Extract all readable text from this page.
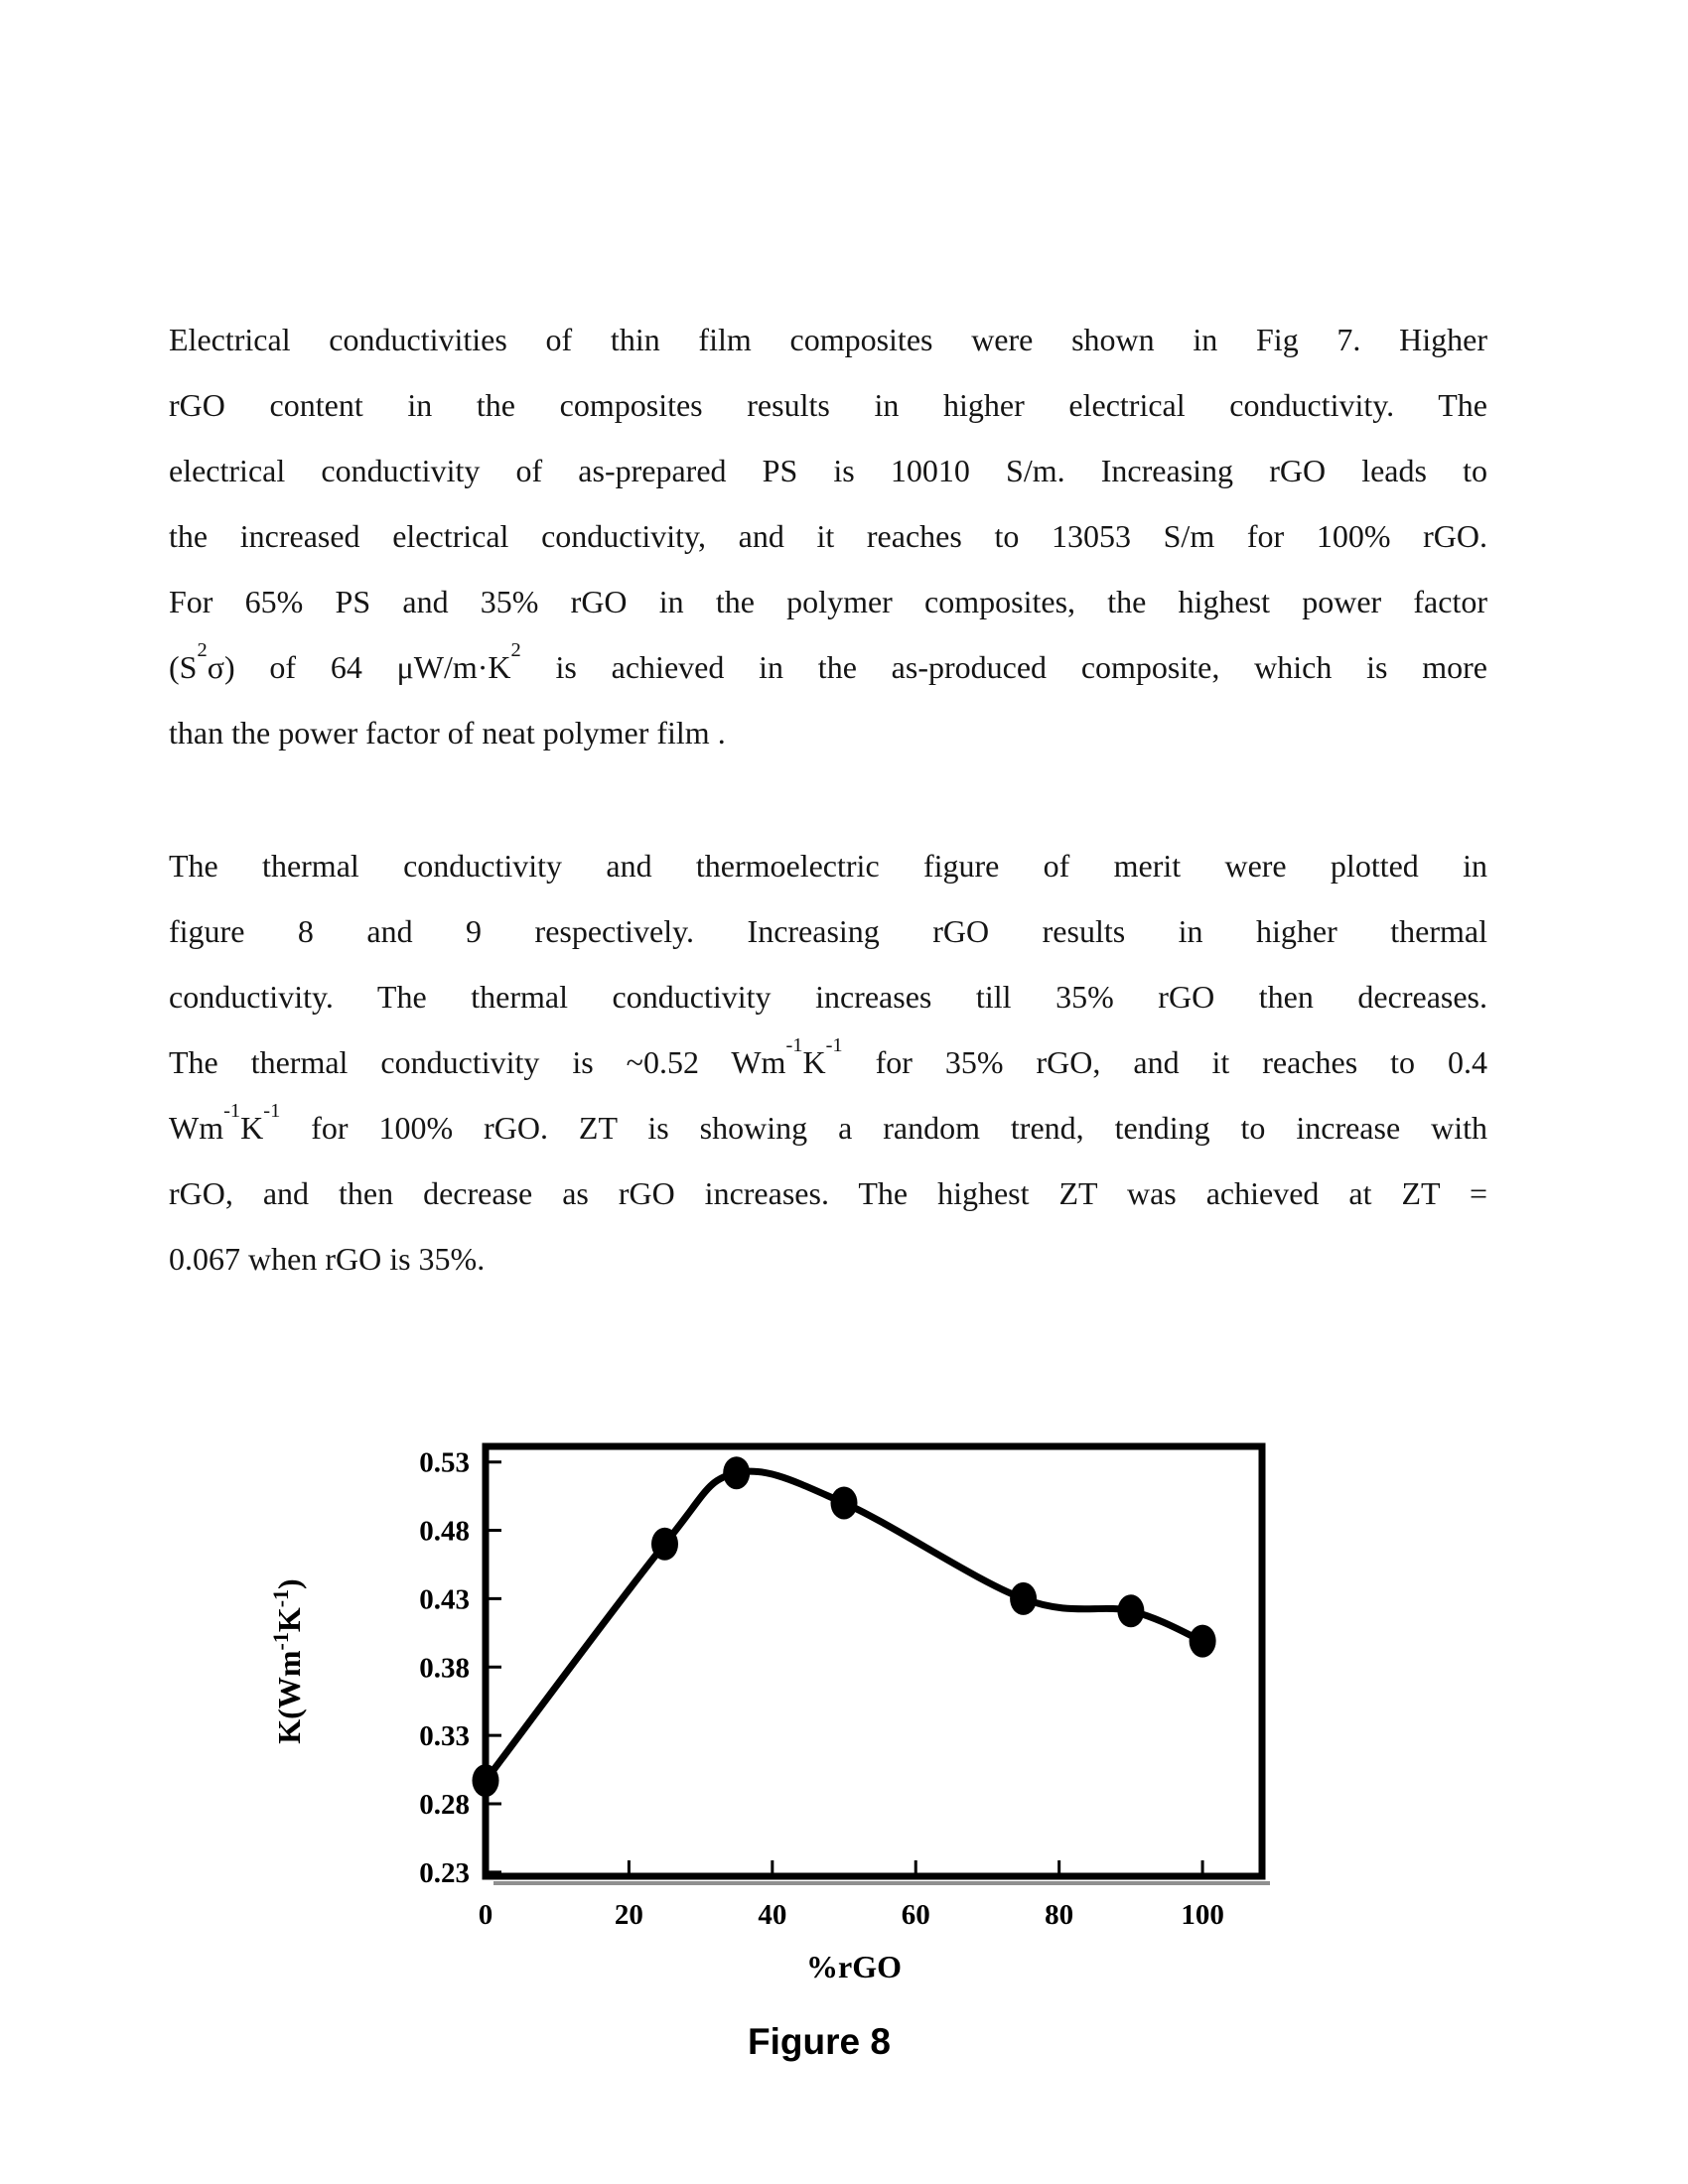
Electrical conductivities of thin film composites were shown in Fig 7. Higher
rGO content in the composites results in higher electrical conductivity. The
electrical conductivity of as-prepared PS is 10010 S/m. Increasing rGO leads to
the increased electrical conductivity, and it reaches to 13053 S/m for 100% rGO.
For 65% PS and 35% rGO in the polymer composites, the highest power factor
$(S^2\sigma)$ of 64 $\mu W/m\cdot K^2$ is achieved in the as-produced composite, which is more
than the power factor of neat polymer film .
The thermal conductivity and thermoelectric figure of merit were plotted in
figure 8 and 9 respectively. Increasing rGO results in higher thermal
conductivity. The thermal conductivity increases till 35% rGO then decreases.
The thermal conductivity is ~0.52 $Wm^{-1}K^{-1}$ for 35% rGO, and it reaches to 0.4
$Wm^{-1}K^{-1}$ for 100% rGO. ZT is showing a random trend, tending to increase with
rGO, and then decrease as rGO increases. The highest ZT was achieved at ZT =
0.067 when rGO is 35%.
0.23
0.28
0.33
0.38
0.43
0.48
0.53
0	20	40	60	80	100
$K(Wm^{-1}K^{-1})$
%rGO
Figure 8
